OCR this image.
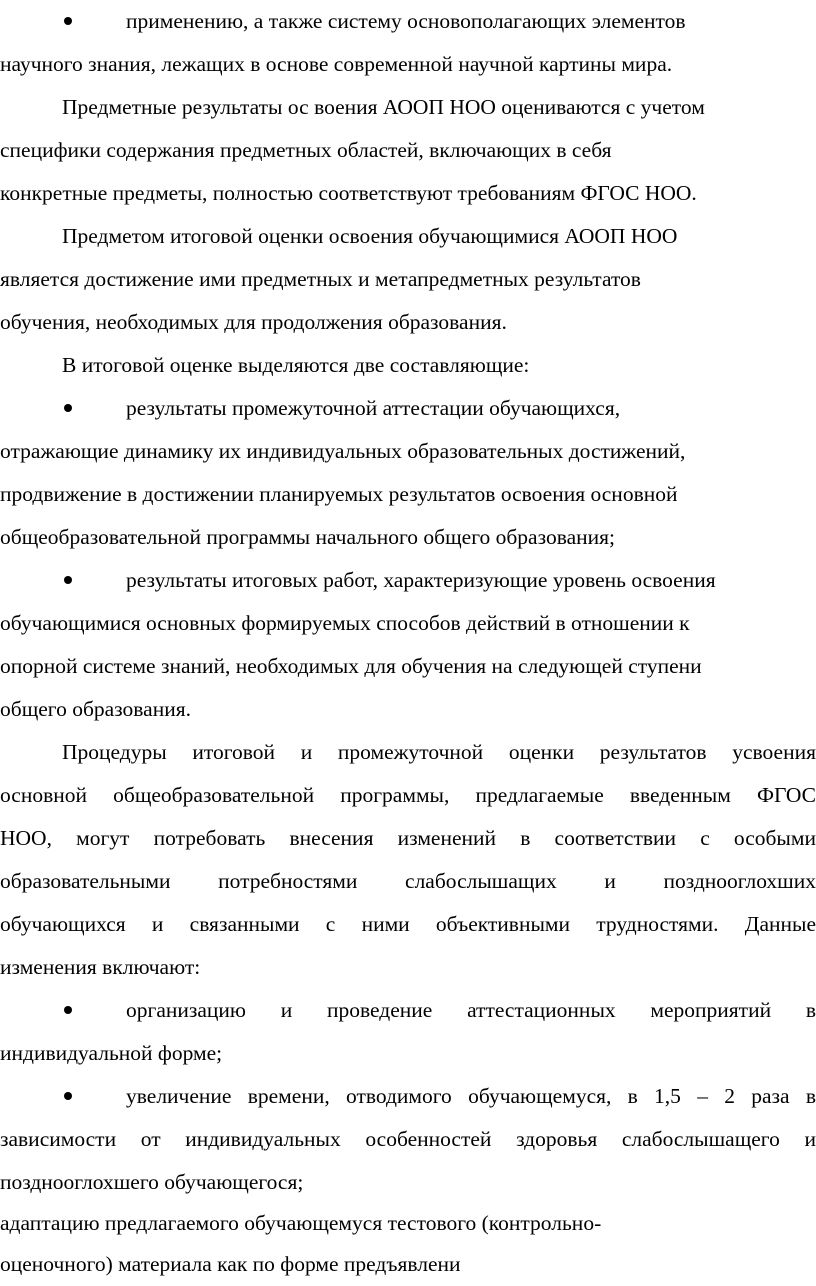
применению, а также систему основополагающих элементов
научного знания, лежащих в основе современной научной картины мира.
Предметные результаты ос воения АООП НОО оцениваются с учетом
специфики содержания предметных областей, включающих в себя
конкретные предметы, полностью соответствуют требованиям ФГОС НОО.
Предметом итоговой оценки освоения обучающимися АООП НОО
является достижение ими предметных и метапредметных результатов
обучения, необходимых для продолжения образования.
В итоговой оценке выделяются две составляющие:
результаты промежуточной аттестации обучающихся,
отражающие динамику их индивидуальных образовательных достижений,
продвижение в достижении планируемых результатов освоения основной
общеобразовательной программы начального общего образования;
результаты итоговых работ, характеризующие уровень освоения
обучающимися основных формируемых способов действий в отношении к
опорной системе знаний, необходимых для обучения на следующей ступени
общего образования.
Процедуры итоговой и промежуточной оценки результатов усвоения
основной общеобразовательной программы, предлагаемые введенным ФГОС
НОО, могут потребовать внесения изменений в соответствии с особыми
образовательными потребностями слабослышащих и позднооглохших
обучающихся и связанными с ними объективными трудностями. Данные
изменения включают:
организацию и проведение аттестационных мероприятий в
индивидуальной форме;
увеличение времени, отводимого обучающемуся, в 1,5 – 2 раза в
зависимости от индивидуальных особенностей здоровья слабослышащего и
позднооглохшего обучающегося;
адаптацию предлагаемого обучающемуся тестового (контрольно-
оценочного) материала как по форме предъявлени
